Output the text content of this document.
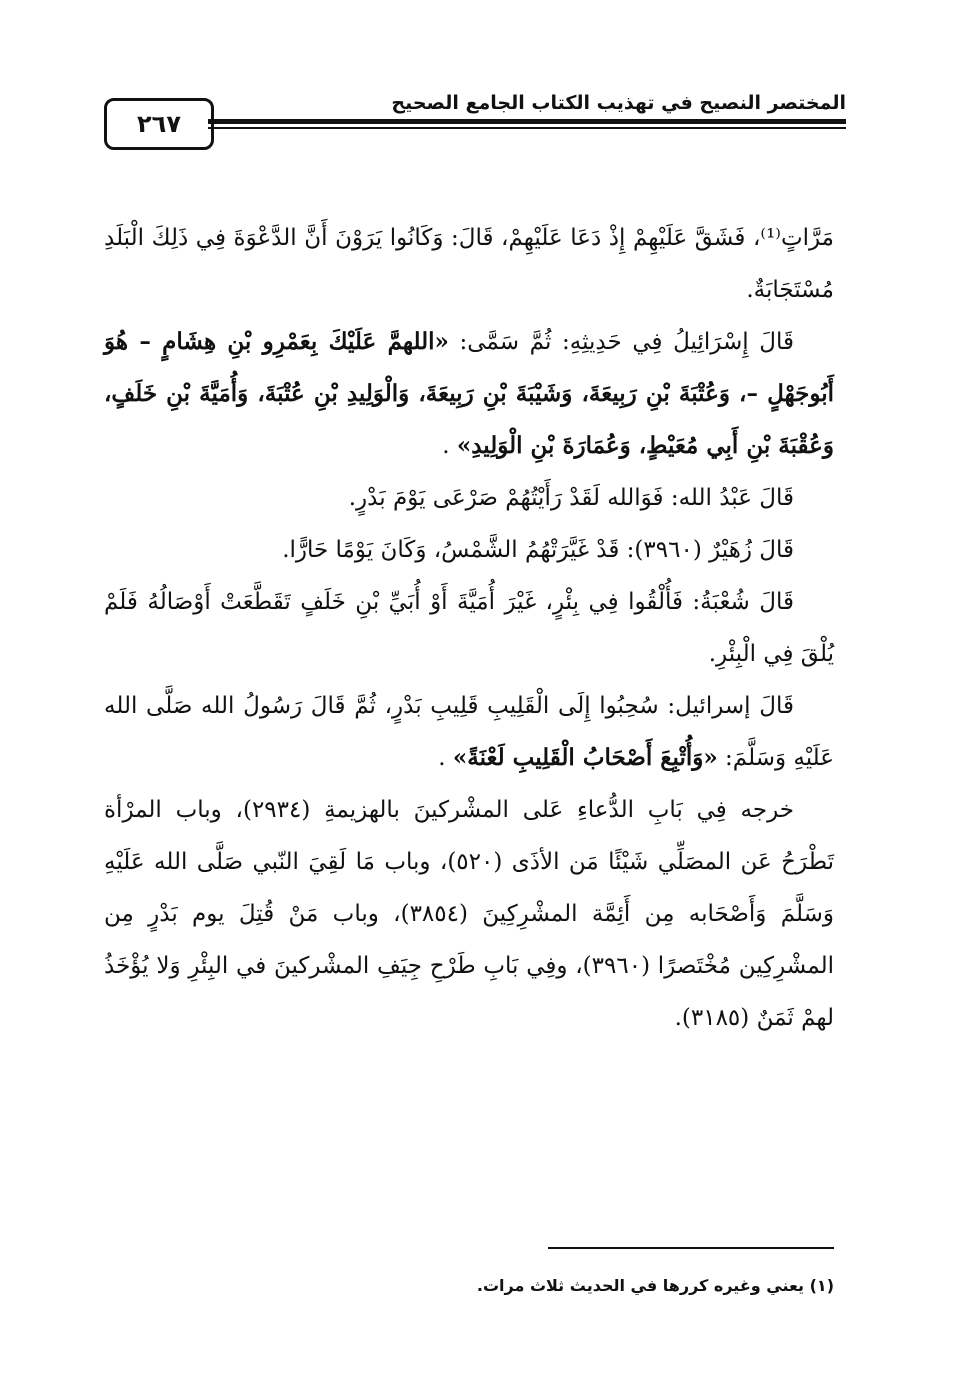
٢٦٧
المختصر النصيح في تهذيب الكتاب الجامع الصحيح

مَرَّاتٍ⁽¹⁾، فَشَقَّ عَلَيْهِمْ إِذْ دَعَا عَلَيْهِمْ، قَالَ: وَكَانُوا يَرَوْنَ أَنَّ الدَّعْوَةَ فِي ذَلِكَ الْبَلَدِ مُسْتَجَابَةٌ.

قَالَ إِسْرَائِيلُ فِي حَدِيثِهِ: ثُمَّ سَمَّى: «اللهمَّ عَلَيْكَ بِعَمْرِو بْنِ هِشَامٍ – هُوَ أَبُوجَهْلٍ –، وَعُتْبَةَ بْنِ رَبِيعَةَ، وَشَيْبَةَ بْنِ رَبِيعَةَ، وَالْوَلِيدِ بْنِ عُتْبَةَ، وَأُمَيَّةَ بْنِ خَلَفٍ، وَعُقْبَةَ بْنِ أَبِي مُعَيْطٍ، وَعُمَارَةَ بْنِ الْوَلِيدِ» .

قَالَ عَبْدُ الله: فَوَالله لَقَدْ رَأَيْتُهُمْ صَرْعَى يَوْمَ بَدْرٍ.

قَالَ زُهَيْرٌ (٣٩٦٠): قَدْ غَيَّرَتْهُمُ الشَّمْسُ، وَكَانَ يَوْمًا حَارًّا.

قَالَ شُعْبَةُ: فَأُلْقُوا فِي بِئْرٍ، غَيْرَ أُمَيَّةَ أَوْ أُبَيِّ بْنِ خَلَفٍ تَقَطَّعَتْ أَوْصَالُهُ فَلَمْ يُلْقَ فِي الْبِئْرِ.

قَالَ إسرائيل: سُحِبُوا إِلَى الْقَلِيبِ قَلِيبِ بَدْرٍ، ثُمَّ قَالَ رَسُولُ الله صَلَّى الله عَلَيْهِ وَسَلَّمَ: «وَأُتْبِعَ أَصْحَابُ الْقَلِيبِ لَعْنَةً» .

خرجه فِي بَابِ الدُّعاءِ عَلى المشْركينَ بالهزيمةِ (٢٩٣٤)، وباب المرْأة تَطْرَحُ عَن المصَلِّي شَيْئًا مَن الأذَى (٥٢٠)، وباب مَا لَقِيَ النّبي صَلَّى الله عَلَيْهِ وَسَلَّمَ وَأَصْحَابه مِن أَئِمَّة المشْرِكِينَ (٣٨٥٤)، وباب مَنْ قُتِلَ يوم بَدْرٍ مِن المشْرِكِين مُخْتَصرًا (٣٩٦٠)، وفِي بَابِ طَرْحِ جِيَفِ المشْركينَ في البِئْرِ وَلا يُؤْخَذُ لهمْ ثَمَنٌ (٣١٨٥).

(١) يعني وغيره كررها في الحديث ثلاث مرات.
